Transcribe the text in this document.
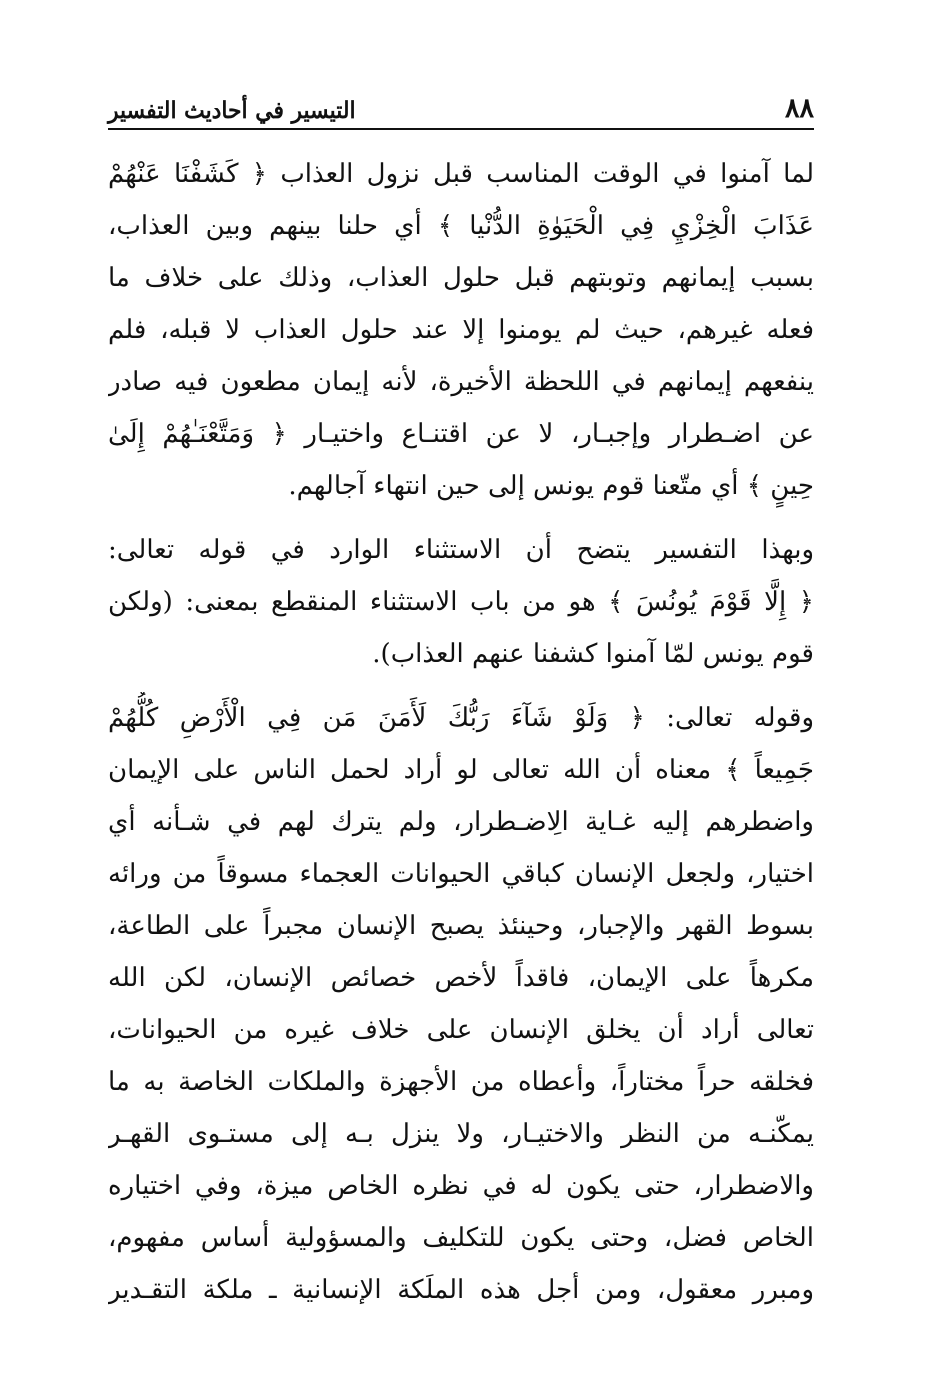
٨٨
التيسير في أحاديث التفسير
لما آمنوا في الوقت المناسب قبل نزول العذاب ﴿ كَشَفْنَا عَنْهُمْ
عَذَابَ الْخِزْيِ فِي الْحَيَوٰةِ الدُّنْيا ﴾ أي حلنا بينهم وبين العذاب،
بسبب إيمانهم وتوبتهم قبل حلول العذاب، وذلك على خلاف ما
فعله غيرهم، حيث لم يومنوا إلا عند حلول العذاب لا قبله، فلم
ينفعهم إيمانهم في اللحظة الأخيرة، لأنه إيمان مطعون فيه صادر
عن اضـطرار وإجبـار، لا عن اقتنـاع واختيـار ﴿ وَمَتَّعْنَـٰهُمْ إِلَىٰ
حِينٍ ﴾ أي متّعنا قوم يونس إلى حين انتهاء آجالهم.
وبهذا التفسير يتضح أن الاستثناء الوارد في قوله تعالى:
﴿ إِلَّا قَوْمَ يُونُسَ ﴾ هو من باب الاستثناء المنقطع بمعنى: (ولكن
قوم يونس لمّا آمنوا كشفنا عنهم العذاب).
وقوله تعالى: ﴿ وَلَوْ شَآءَ رَبُّكَ لَأَمَنَ مَن فِي الْأَرْضِ كُلُّهُمْ
جَمِيعاً ﴾ معناه أن الله تعالى لو أراد لحمل الناس على الإيمان
واضطرهم إليه غـاية الِاضـطرار، ولم يترك لهم في شـأنه أي
اختيار، ولجعل الإنسان كباقي الحيوانات العجماء مسوقاً من ورائه
بسوط القهر والإجبار، وحينئذ يصبح الإنسان مجبراً على الطاعة،
مكرهاً على الإيمان، فاقداً لأخص خصائص الإنسان، لكن الله
تعالى أراد أن يخلق الإنسان على خلاف غيره من الحيوانات،
فخلقه حراً مختاراً، وأعطاه من الأجهزة والملكات الخاصة به ما
يمكّنـه من النظر والاختيـار، ولا ينزل بـه إلى مستـوى القهـر
والاضطرار، حتى يكون له في نظره الخاص ميزة، وفي اختياره
الخاص فضل، وحتى يكون للتكليف والمسؤولية أساس مفهوم،
ومبرر معقول، ومن أجل هذه الملَكة الإنسانية ـ ملكة التقـدير
